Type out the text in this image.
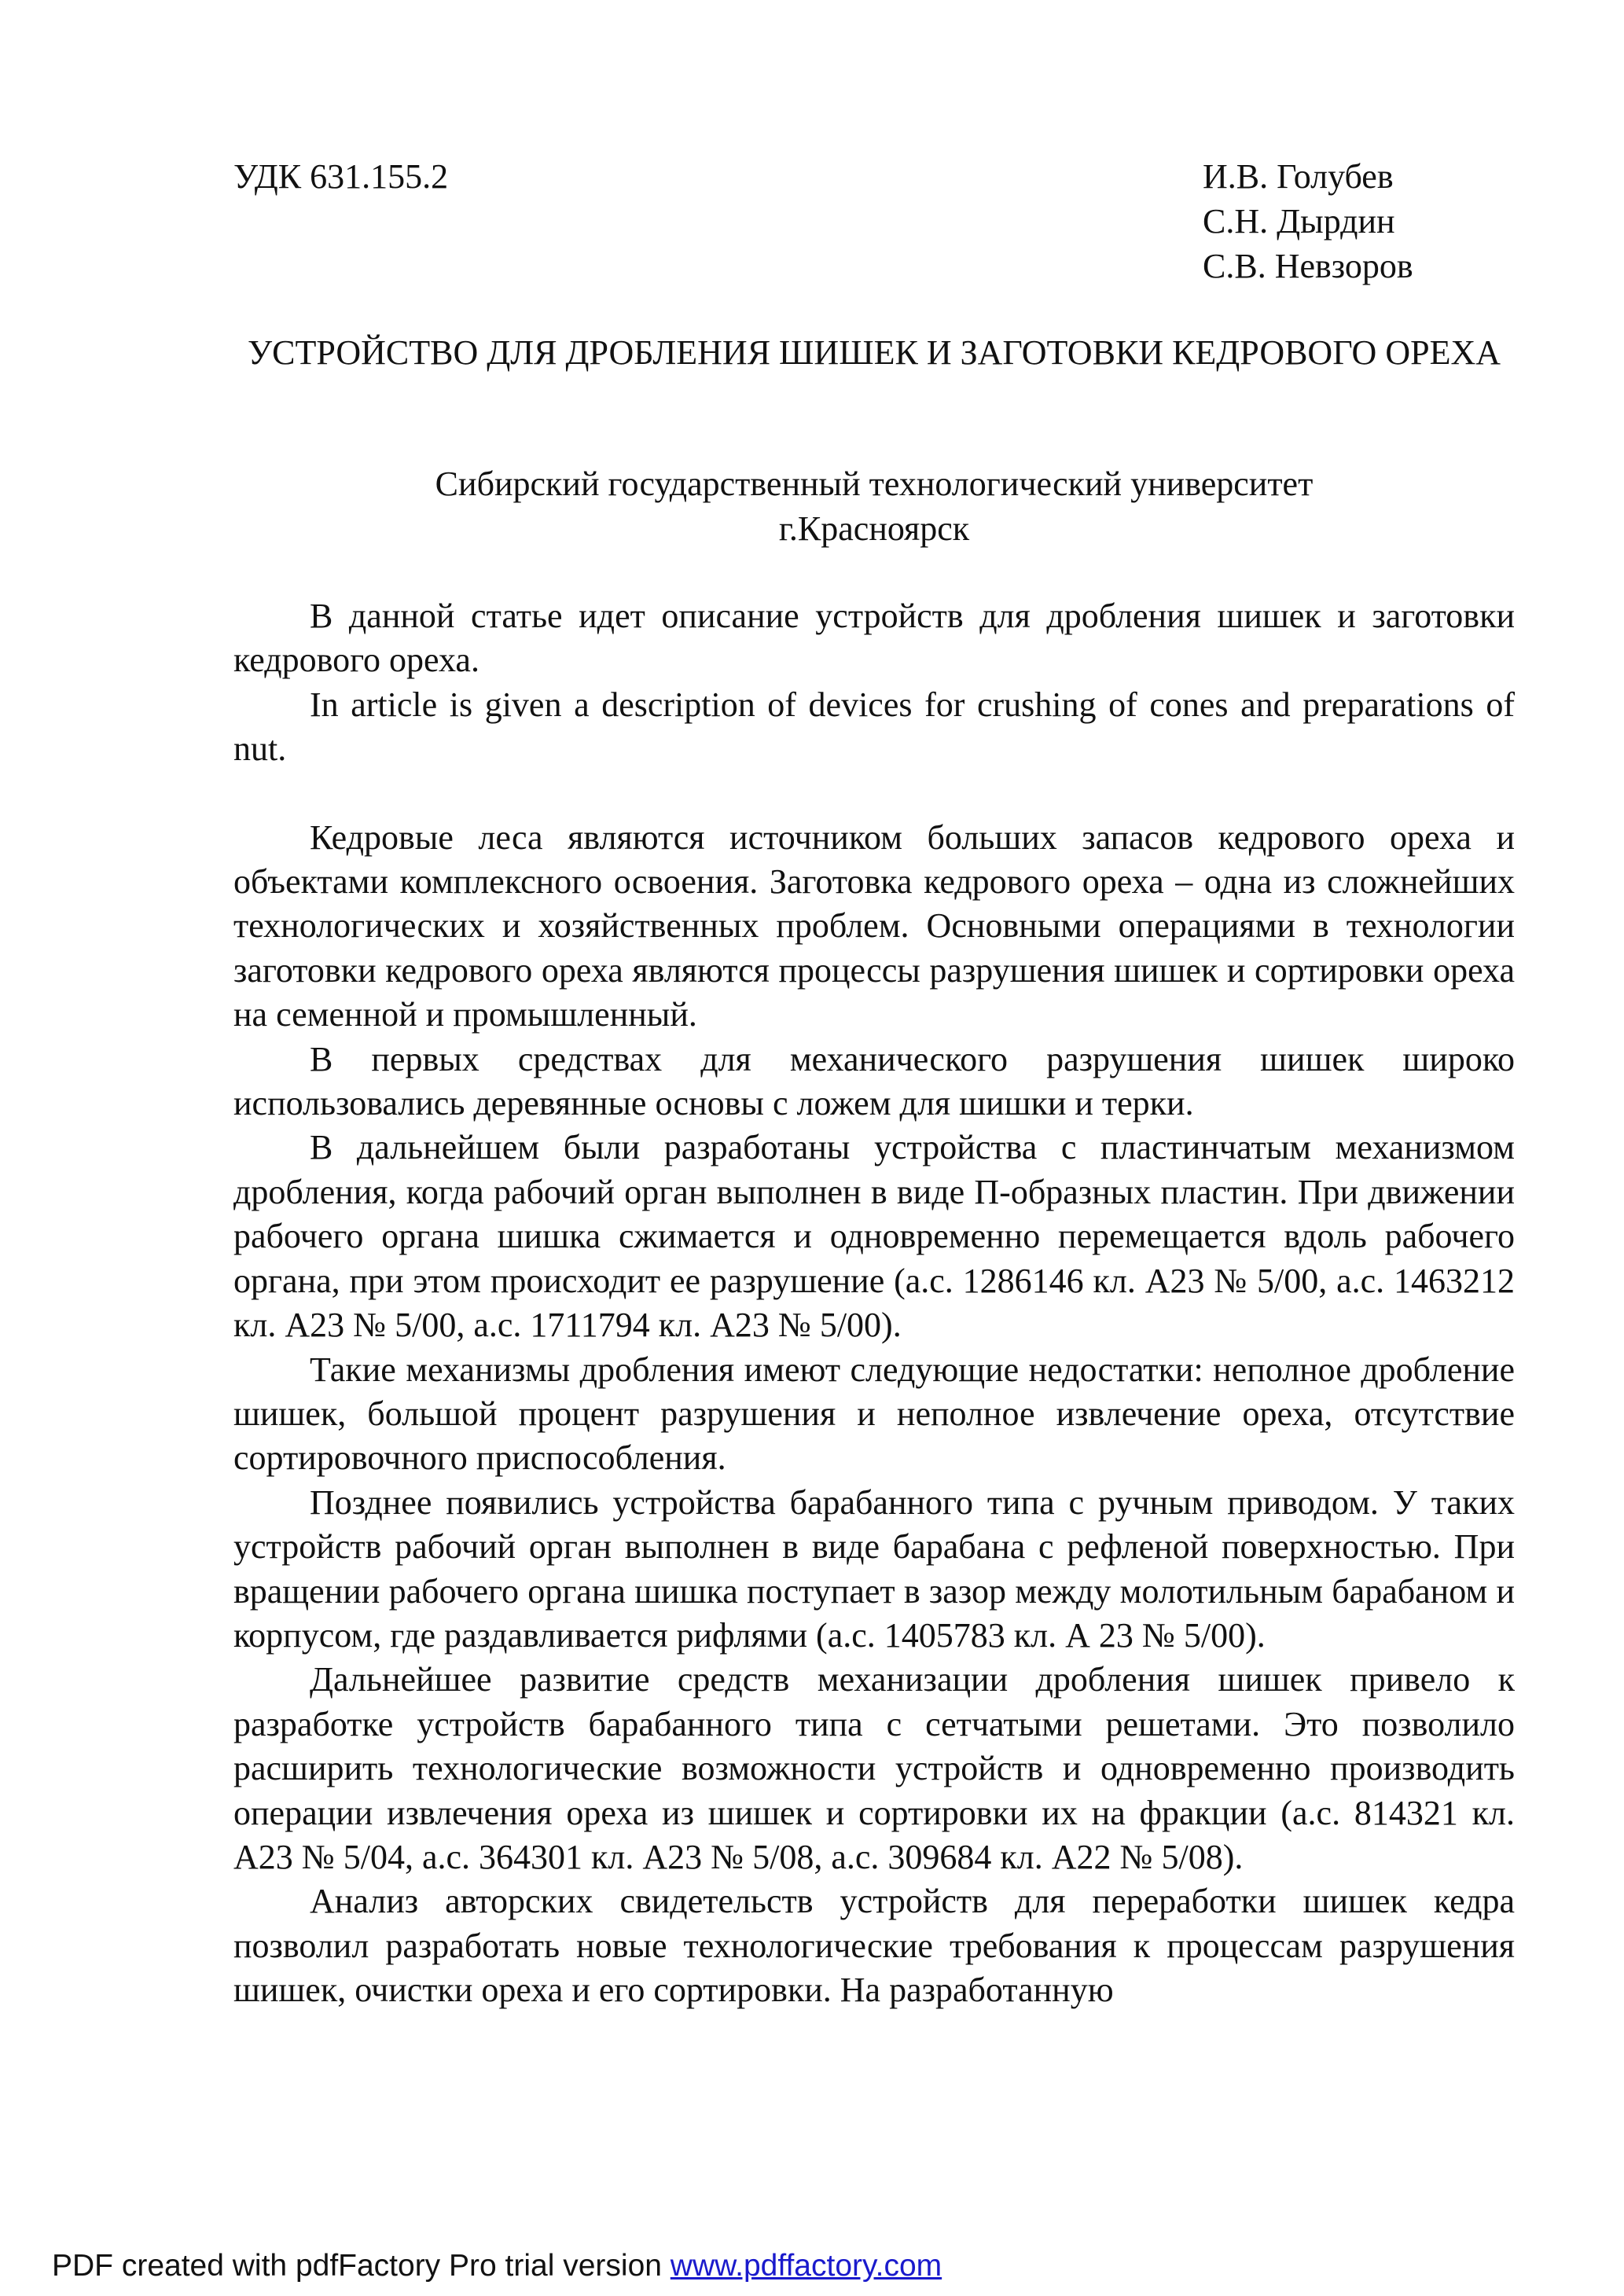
УДК 631.155.2	И.В. Голубев
С.Н. Дырдин
С.В. Невзоров
УСТРОЙСТВО ДЛЯ ДРОБЛЕНИЯ ШИШЕК И ЗАГОТОВКИ КЕДРОВОГО ОРЕХА
Сибирский государственный технологический университет
г.Красноярск

В данной статье идет описание устройств для дробления шишек и заготовки кедрового ореха.

In article is given a description of devices for crushing of cones and preparations of nut.

Кедровые леса являются источником больших запасов кедрового ореха и объектами комплексного освоения. Заготовка кедрового ореха – одна из сложнейших технологических и хозяйственных проблем. Основными операциями в технологии заготовки кедрового ореха являются процессы разрушения шишек и сортировки ореха на семенной и промышленный.

В первых средствах для механического разрушения шишек широко использовались деревянные основы с ложем для шишки и терки.

В дальнейшем были разработаны устройства с пластинчатым механизмом дробления, когда рабочий орган выполнен в виде П-образных пластин. При движении рабочего органа шишка сжимается и одновременно перемещается вдоль рабочего органа, при этом происходит ее разрушение (а.с. 1286146 кл. А23 № 5/00, а.с. 1463212 кл. А23 № 5/00, а.с. 1711794 кл. А23 № 5/00).

Такие механизмы дробления имеют следующие недостатки: неполное дробление шишек, большой процент разрушения и неполное извлечение ореха, отсутствие сортировочного приспособления.

Позднее появились устройства барабанного типа с ручным приводом. У таких устройств рабочий орган выполнен в виде барабана с рефленой поверхностью. При вращении рабочего органа шишка поступает в зазор между молотильным барабаном и корпусом, где раздавливается рифлями (а.с. 1405783 кл. А 23 № 5/00).

Дальнейшее развитие средств механизации дробления шишек привело к разработке устройств барабанного типа с сетчатыми решетами. Это позволило расширить технологические возможности устройств и одновременно производить операции извлечения ореха из шишек и сортировки их на фракции (а.с. 814321 кл. А23 № 5/04, а.с. 364301 кл. А23 № 5/08, а.с. 309684 кл. А22 № 5/08).

Анализ авторских свидетельств устройств для переработки шишек кедра позволил разработать новые технологические требования к процессам разрушения шишек, очистки ореха и его сортировки. На разработанную

PDF created with pdfFactory Pro trial version www.pdffactory.com
